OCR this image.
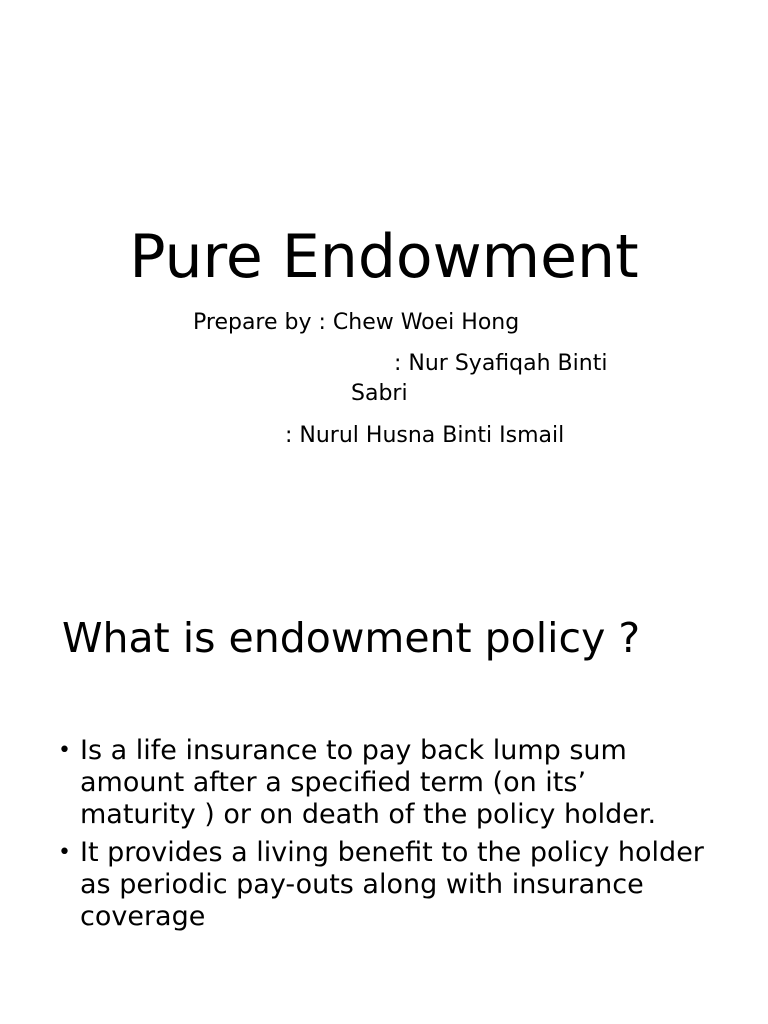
Pure Endowment
Prepare by : Chew Woei Hong
: Nur Syafiqah Binti
Sabri
: Nurul Husna Binti Ismail
What is endowment policy ?
• Is a life insurance to pay back lump sum amount after a specified term (on its’ maturity ) or on death of the policy holder.
• It provides a living benefit to the policy holder as periodic pay-outs along with insurance coverage
